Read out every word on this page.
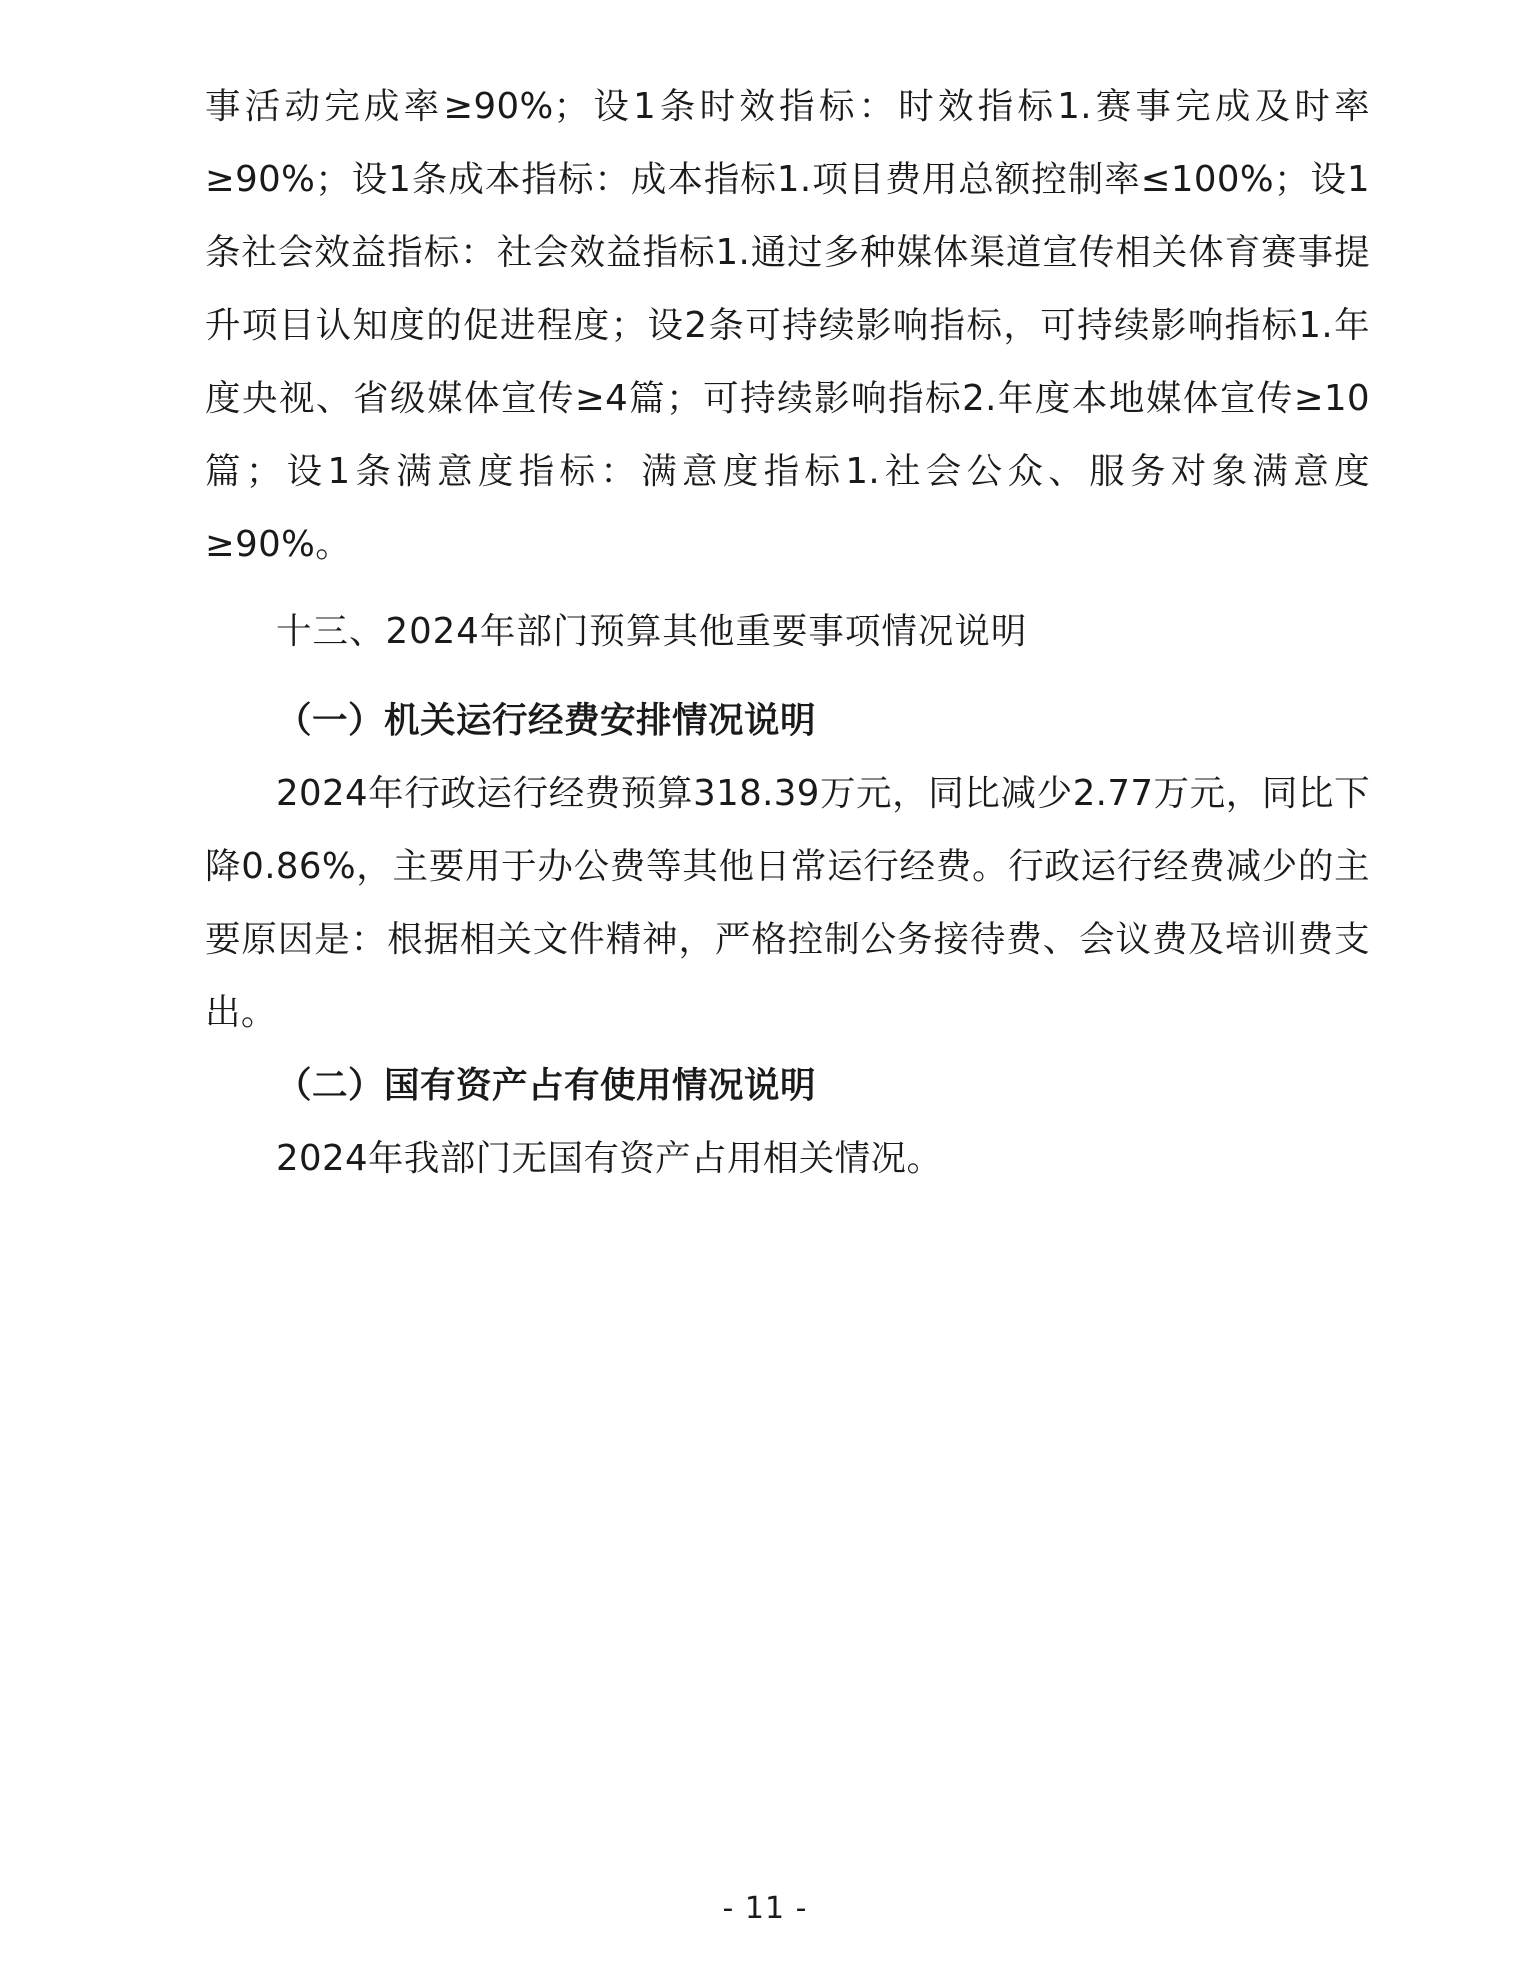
事活动完成率≥90%；设1条时效指标：时效指标1.赛事完成及时率≥90%；设1条成本指标：成本指标1.项目费用总额控制率≤100%；设1条社会效益指标：社会效益指标1.通过多种媒体渠道宣传相关体育赛事提升项目认知度的促进程度；设2条可持续影响指标，可持续影响指标1.年度央视、省级媒体宣传≥4篇；可持续影响指标2.年度本地媒体宣传≥10篇；设1条满意度指标：满意度指标1.社会公众、服务对象满意度≥90%。

十三、2024年部门预算其他重要事项情况说明
（一）机关运行经费安排情况说明

2024年行政运行经费预算318.39万元，同比减少2.77万元，同比下降0.86%，主要用于办公费等其他日常运行经费。行政运行经费减少的主要原因是：根据相关文件精神，严格控制公务接待费、会议费及培训费支出。

（二）国有资产占有使用情况说明

2024年我部门无国有资产占用相关情况。

- 11 -
